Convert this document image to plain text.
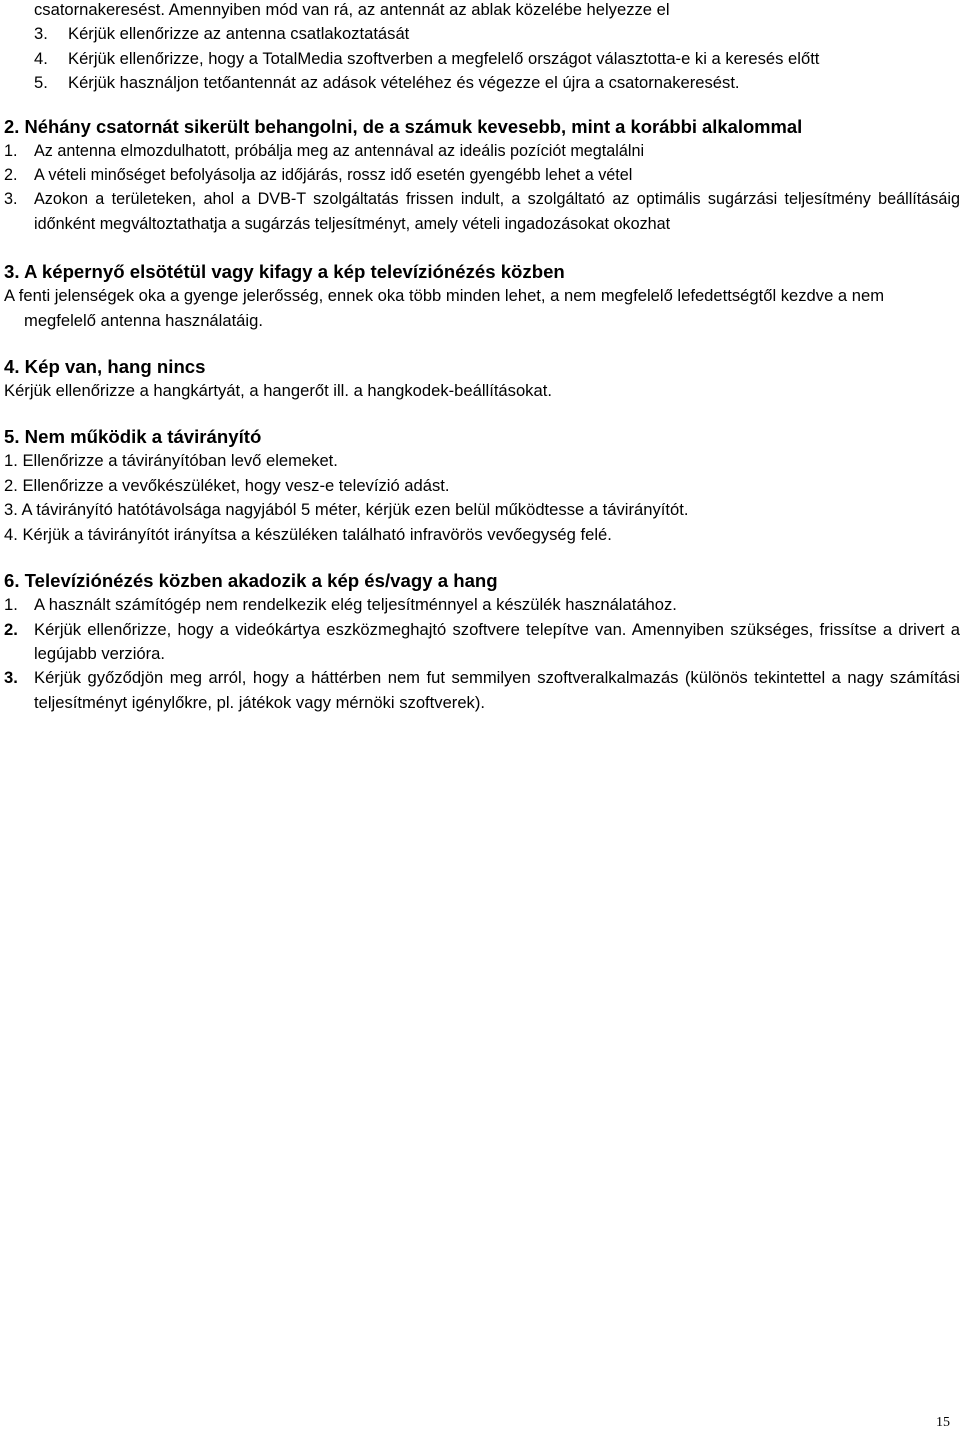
csatornakeresést. Amennyiben mód van rá, az antennát az ablak közelébe helyezze el
3.	Kérjük ellenőrizze az antenna csatlakoztatását
4.	Kérjük ellenőrizze, hogy a TotalMedia szoftverben a megfelelő országot választotta-e ki a keresés előtt
5.	Kérjük használjon tetőantennát az adások vételéhez és végezze el újra a csatornakeresést.
2. Néhány csatornát sikerült behangolni, de a számuk kevesebb, mint a korábbi alkalommal
1.	Az antenna elmozdulhatott, próbálja meg az antennával az ideális pozíciót megtalálni
2.	A vételi minőséget befolyásolja az időjárás, rossz idő esetén gyengébb lehet a vétel
3.	Azokon a területeken, ahol a DVB-T szolgáltatás frissen indult, a szolgáltató az optimális sugárzási teljesítmény beállításáig időnként megváltoztathatja a sugárzás teljesítményt, amely vételi ingadozásokat okozhat
3. A képernyő elsötétül vagy kifagy a kép televíziónézés közben
A fenti jelenségek oka a gyenge jelerősség, ennek oka több minden lehet, a nem megfelelő lefedettségtől kezdve a nem megfelelő antenna használatáig.
4. Kép van, hang nincs
Kérjük ellenőrizze a hangkártyát, a hangerőt ill. a hangkodek-beállításokat.
5. Nem működik a távirányító
1. Ellenőrizze a távirányítóban levő elemeket.
2. Ellenőrizze a vevőkészüléket, hogy vesz-e televízió adást.
3. A távirányító hatótávolsága nagyjából 5 méter, kérjük ezen belül működtesse a távirányítót.
4. Kérjük a távirányítót irányítsa a készüléken található infravörös vevőegység felé.
6. Televíziónézés közben akadozik a kép és/vagy a hang
1. A használt számítógép nem rendelkezik elég teljesítménnyel a készülék használatához.
2. Kérjük ellenőrizze, hogy a videókártya eszközmeghajtó szoftvere telepítve van. Amennyiben szükséges, frissítse a drivert a legújabb verzióra.
3. Kérjük győződjön meg arról, hogy a háttérben nem fut semmilyen szoftveralkalmazás (különös tekintettel a nagy számítási teljesítményt igénylőkre, pl. játékok vagy mérnöki szoftverek).
15
